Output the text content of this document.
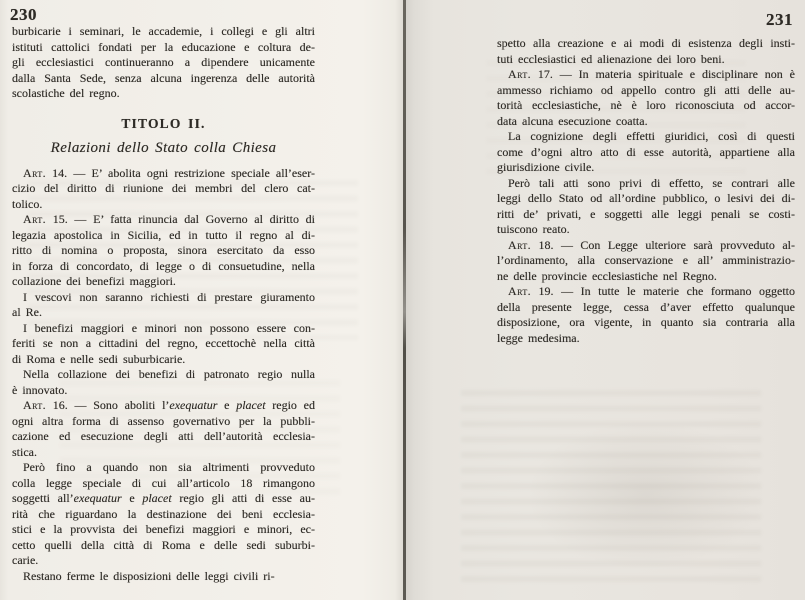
230
burbicarie i seminari, le accademie, i collegi e gli altri
istituti cattolici fondati per la educazione e coltura de-
gli ecclesiastici continueranno a dipendere unicamente
dalla Santa Sede, senza alcuna ingerenza delle autorità
scolastiche del regno.
TITOLO II.
Relazioni dello Stato colla Chiesa
Art. 14. — E’ abolita ogni restrizione speciale all’eser-
cizio del diritto di riunione dei membri del clero cat-
tolico.
Art. 15. — E’ fatta rinuncia dal Governo al diritto di
legazia apostolica in Sicilia, ed in tutto il regno al di-
ritto di nomina o proposta, sinora esercitato da esso
in forza di concordato, di legge o di consuetudine, nella
collazione dei benefizi maggiori.
I vescovi non saranno richiesti di prestare giuramento
al Re.
I benefizi maggiori e minori non possono essere con-
feriti se non a cittadini del regno, eccettochè nella città
di Roma e nelle sedi suburbicarie.
Nella collazione dei benefizi di patronato regio nulla
è innovato.
Art. 16. — Sono aboliti l’exequatur e placet regio ed
ogni altra forma di assenso governativo per la pubbli-
cazione ed esecuzione degli atti dell’autorità ecclesia-
stica.
Però fino a quando non sia altrimenti provveduto
colla legge speciale di cui all’articolo 18 rimangono
soggetti all’exequatur e placet regio gli atti di esse au-
rità che riguardano la destinazione dei beni ecclesia-
stici e la provvista dei benefizi maggiori e minori, ec-
cetto quelli della città di Roma e delle sedi suburbi-
carie.
Restano ferme le disposizioni delle leggi civili ri-
231
spetto alla creazione e ai modi di esistenza degli insti-
tuti ecclesiastici ed alienazione dei loro beni.
Art. 17. — In materia spirituale e disciplinare non è
ammesso richiamo od appello contro gli atti delle au-
torità ecclesiastiche, nè è loro riconosciuta od accor-
data alcuna esecuzione coatta.
La cognizione degli effetti giuridici, così di questi
come d’ogni altro atto di esse autorità, appartiene alla
giurisdizione civile.
Però tali atti sono privi di effetto, se contrari alle
leggi dello Stato od all’ordine pubblico, o lesivi dei di-
ritti de’ privati, e soggetti alle leggi penali se costi-
tuiscono reato.
Art. 18. — Con Legge ulteriore sarà provveduto al-
l’ordinamento, alla conservazione e all’ amministrazio-
ne delle provincie ecclesiastiche nel Regno.
Art. 19. — In tutte le materie che formano oggetto
della presente legge, cessa d’aver effetto qualunque
disposizione, ora vigente, in quanto sia contraria alla
legge medesima.
